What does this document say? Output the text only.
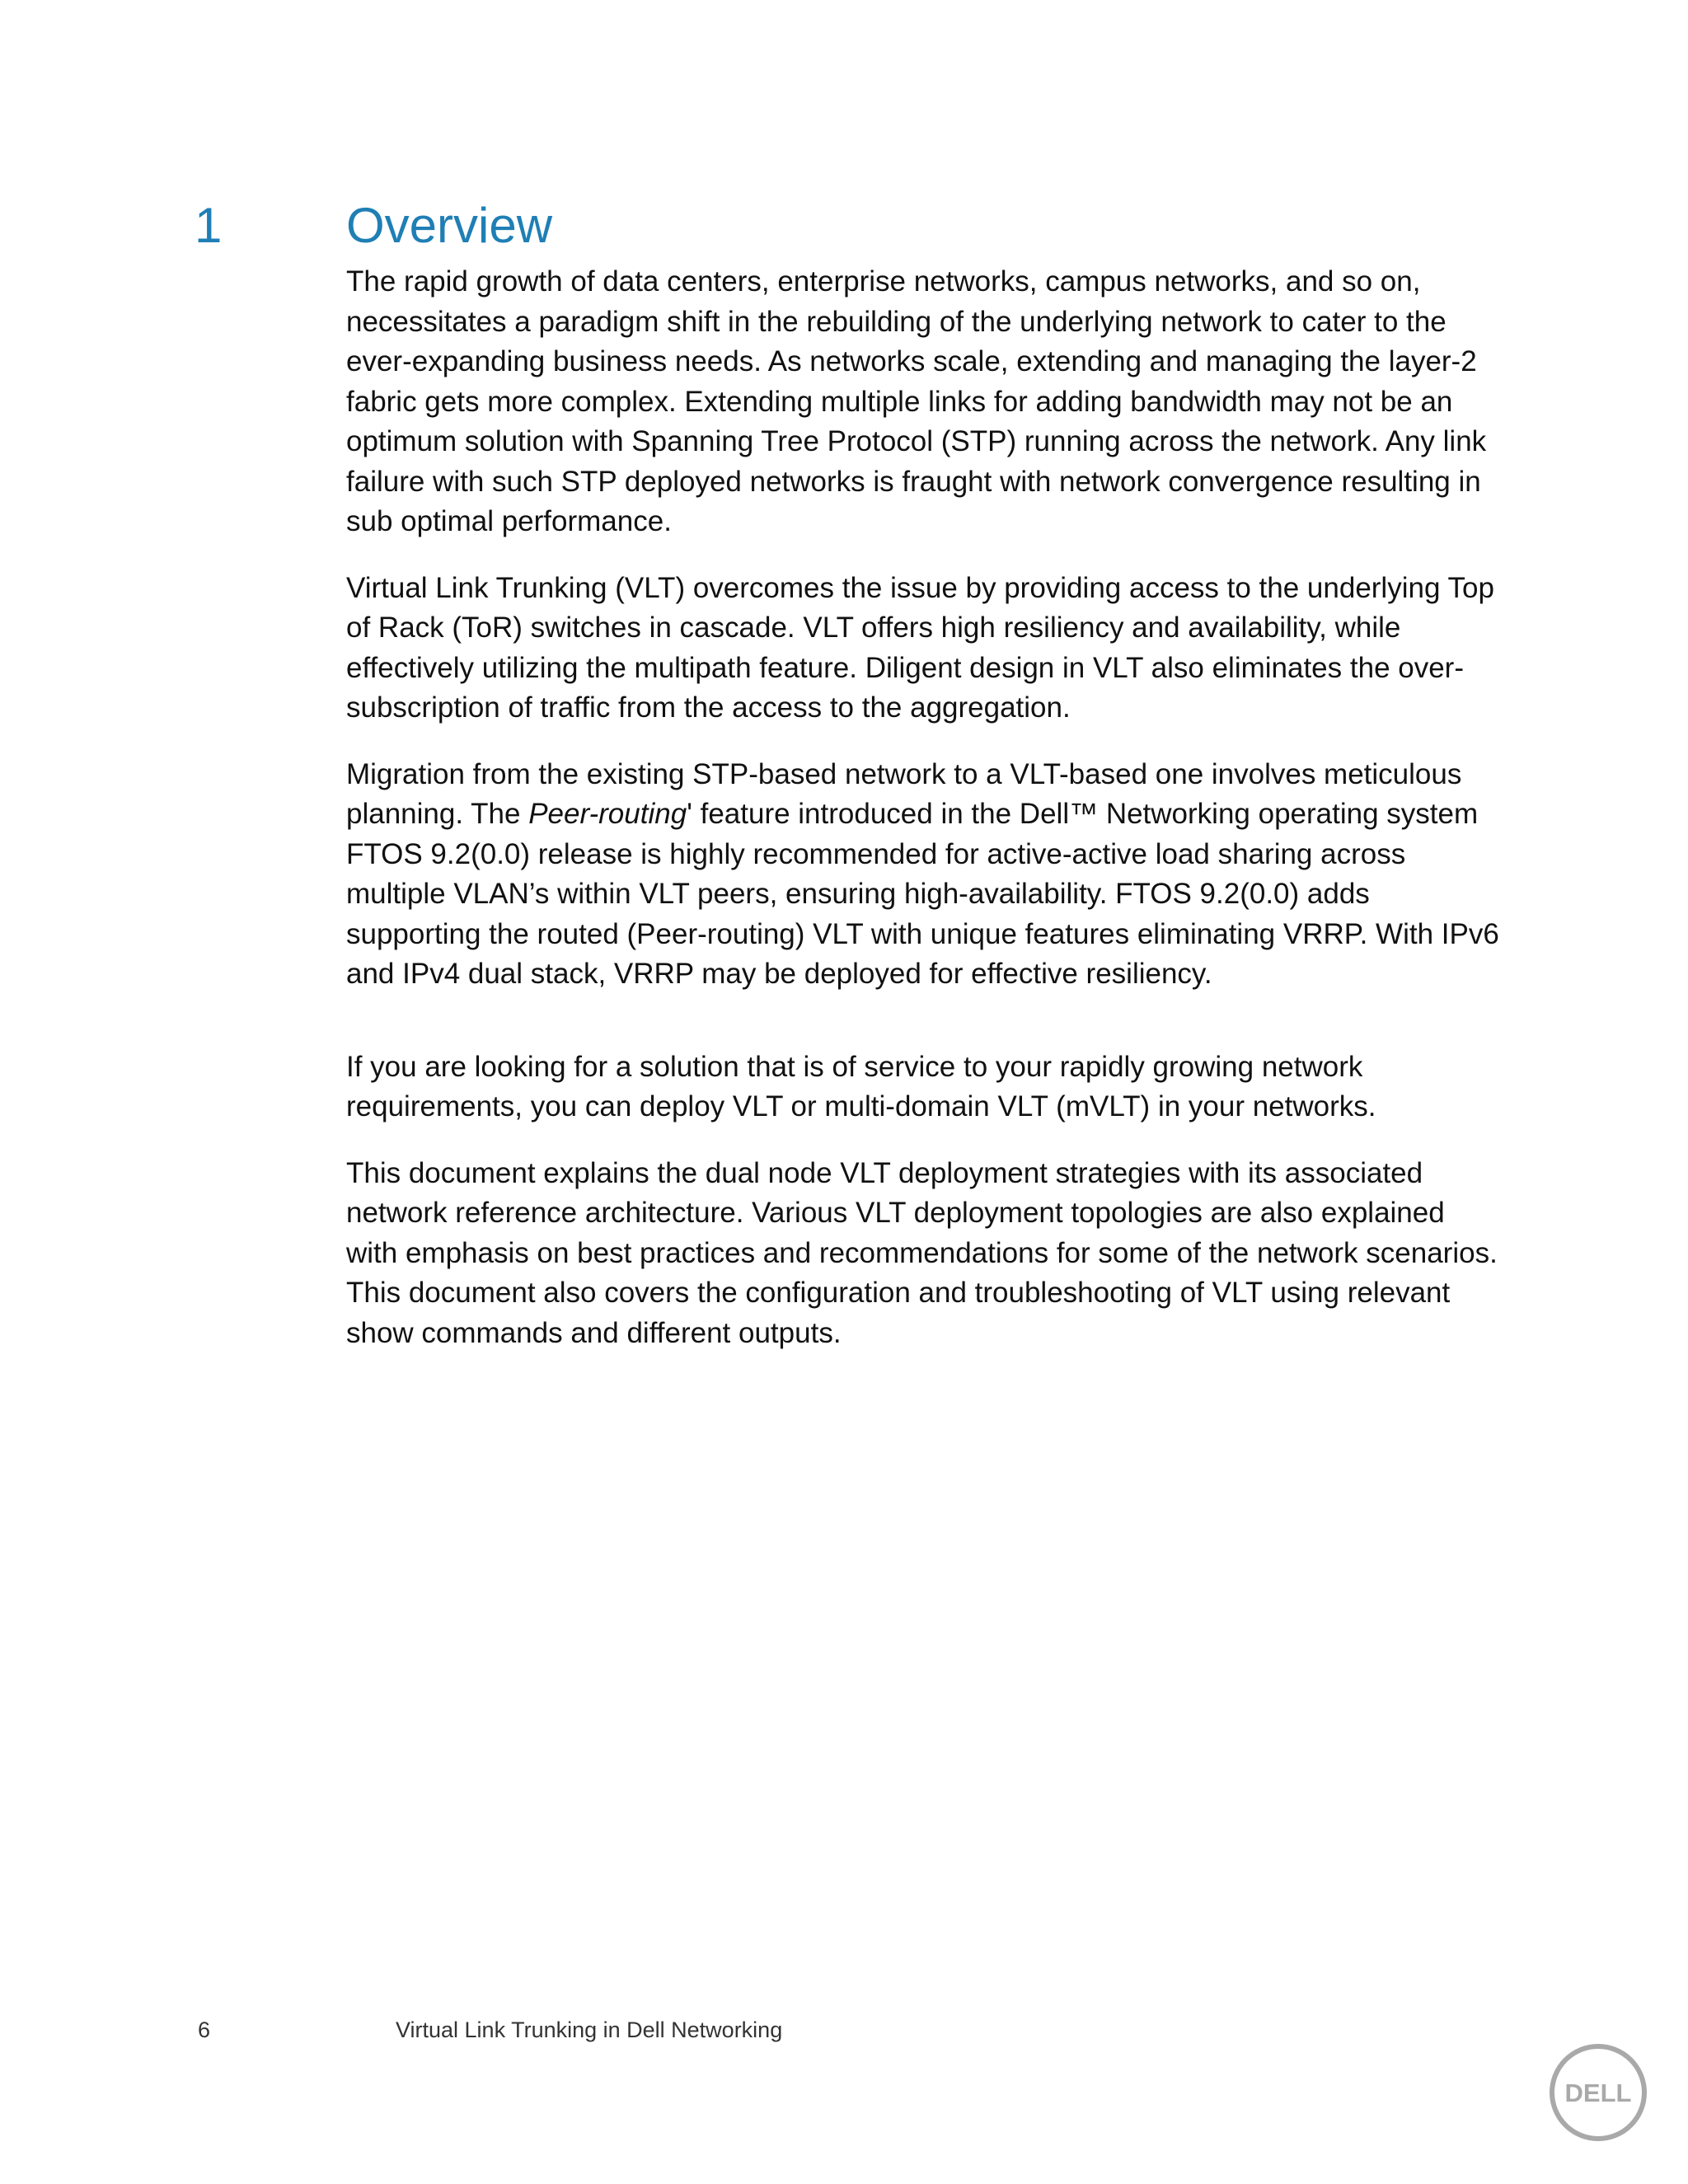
1	Overview

The rapid growth of data centers, enterprise networks, campus networks, and so on, necessitates a paradigm shift in the rebuilding of the underlying network to cater to the ever-expanding business needs. As networks scale, extending and managing the layer-2 fabric gets more complex. Extending multiple links for adding bandwidth may not be an optimum solution with Spanning Tree Protocol (STP) running across the network. Any link failure with such STP deployed networks is fraught with network convergence resulting in sub optimal performance.

Virtual Link Trunking (VLT) overcomes the issue by providing access to the underlying Top of Rack (ToR) switches in cascade. VLT offers high resiliency and availability, while effectively utilizing the multipath feature. Diligent design in VLT also eliminates the over-subscription of traffic from the access to the aggregation.

Migration from the existing STP-based network to a VLT-based one involves meticulous planning. The Peer-routing' feature introduced in the Dell™ Networking operating system FTOS 9.2(0.0) release is highly recommended for active-active load sharing across multiple VLAN’s within VLT peers, ensuring high-availability. FTOS 9.2(0.0) adds supporting the routed (Peer-routing) VLT with unique features eliminating VRRP. With IPv6 and IPv4 dual stack, VRRP may be deployed for effective resiliency.

If you are looking for a solution that is of service to your rapidly growing network requirements, you can deploy VLT or multi-domain VLT (mVLT) in your networks.

This document explains the dual node VLT deployment strategies with its associated network reference architecture. Various VLT deployment topologies are also explained with emphasis on best practices and recommendations for some of the network scenarios. This document also covers the configuration and troubleshooting of VLT using relevant show commands and different outputs.

6	Virtual Link Trunking in Dell Networking
DELL
